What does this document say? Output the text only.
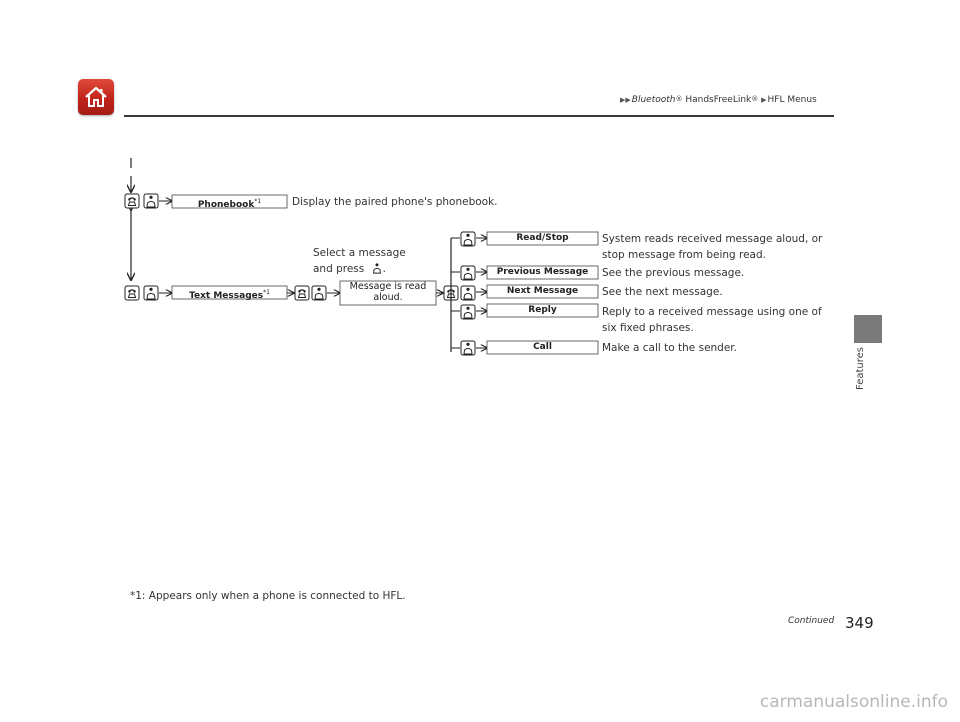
▶▶Bluetooth® HandsFreeLink® ▶HFL Menus
Features
Phonebook$^{*1}$	Display the paired phone's phonebook.
Text Messages$^{*1}$
Select a message
and press .
Message is read
aloud.
Read/Stop
Previous Message
Next Message
Reply
Call
System reads received message aloud, or
stop message from being read.
See the previous message.
See the next message.
Reply to a received message using one of
six fixed phrases.
Make a call to the sender.
*1: Appears only when a phone is connected to HFL.
Continued 349
carmanualsonline.info
